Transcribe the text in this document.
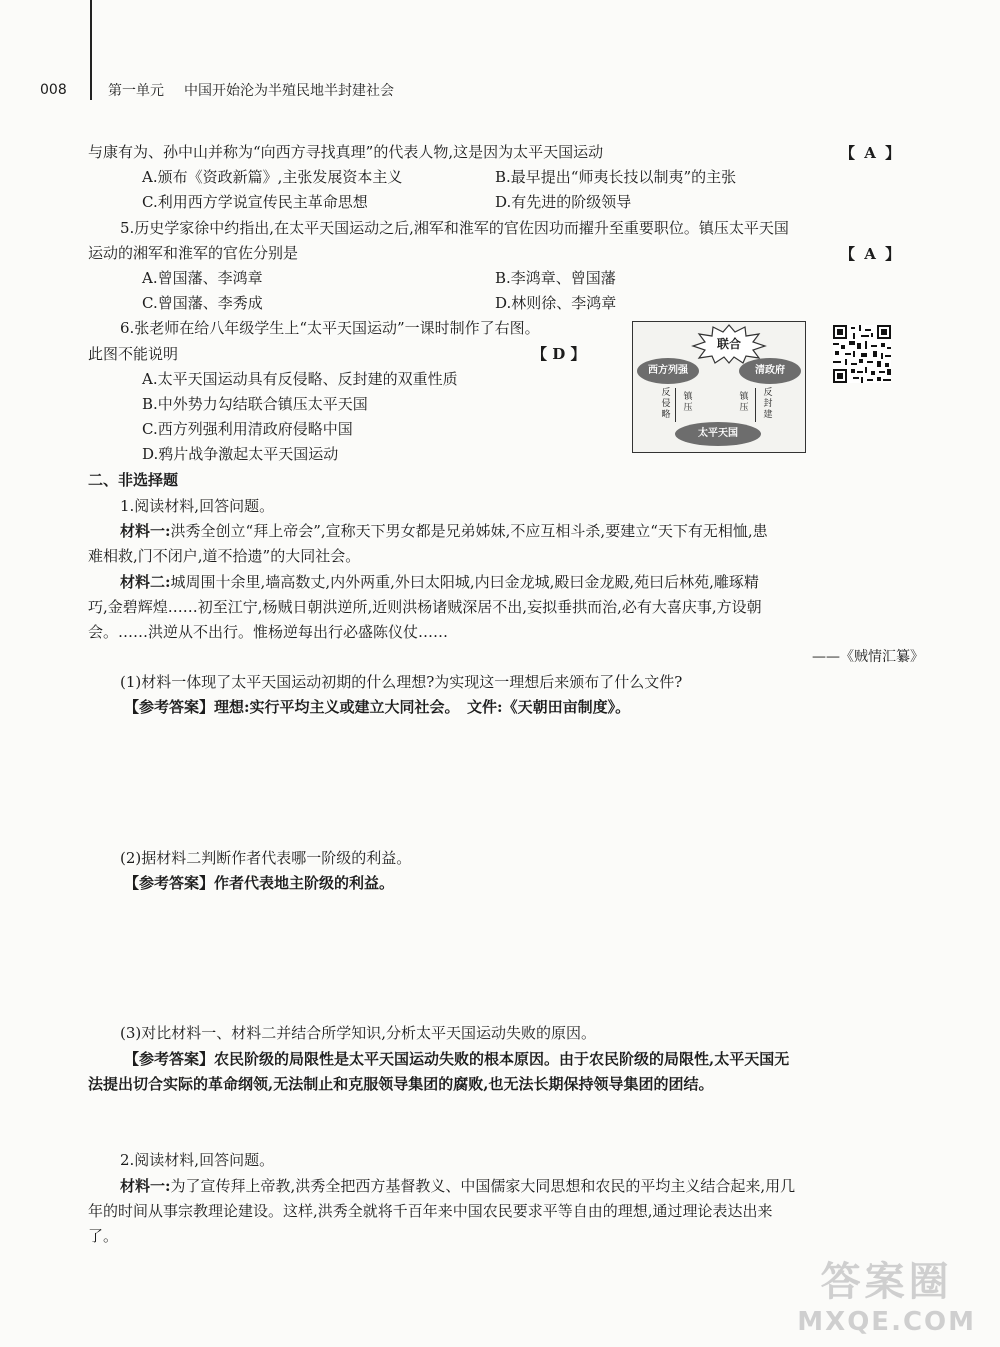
008	第一单元 中国开始沦为半殖民地半封建社会
与康有为、孙中山并称为“向西方寻找真理”的代表人物,这是因为太平天国运动	【 A 】
A.颁布《资政新篇》,主张发展资本主义	B.最早提出“师夷长技以制夷”的主张
C.利用西方学说宣传民主革命思想	D.有先进的阶级领导
5.历史学家徐中约指出,在太平天国运动之后,湘军和淮军的官佐因功而擢升至重要职位。镇压太平天国
运动的湘军和淮军的官佐分别是	【 A 】
A.曾国藩、李鸿章	B.李鸿章、曾国藩
C.曾国藩、李秀成	D.林则徐、李鸿章
6.张老师在给八年级学生上“太平天国运动”一课时制作了右图。
此图不能说明	【 D 】
A.太平天国运动具有反侵略、反封建的双重性质
B.中外势力勾结联合镇压太平天国
C.西方列强利用清政府侵略中国
D.鸦片战争激起太平天国运动
联合
西方列强	清政府
太平天国
反侵略
镇压
镇压
反封建
二、非选择题
1.阅读材料,回答问题。
材料一:洪秀全创立“拜上帝会”,宣称天下男女都是兄弟姊妹,不应互相斗杀,要建立“天下有无相恤,患
难相救,门不闭户,道不拾遗”的大同社会。
材料二:城周围十余里,墙高数丈,内外两重,外曰太阳城,内曰金龙城,殿曰金龙殿,苑曰后林苑,雕琢精
巧,金碧辉煌……初至江宁,杨贼日朝洪逆所,近则洪杨诸贼深居不出,妄拟垂拱而治,必有大喜庆事,方设朝
会。……洪逆从不出行。惟杨逆每出行必盛陈仪仗……
——《贼情汇纂》
(1)材料一体现了太平天国运动初期的什么理想?为实现这一理想后来颁布了什么文件?
【参考答案】理想:实行平均主义或建立大同社会。　文件:《天朝田亩制度》。
(2)据材料二判断作者代表哪一阶级的利益。
【参考答案】作者代表地主阶级的利益。
(3)对比材料一、材料二并结合所学知识,分析太平天国运动失败的原因。
【参考答案】农民阶级的局限性是太平天国运动失败的根本原因。由于农民阶级的局限性,太平天国无
法提出切合实际的革命纲领,无法制止和克服领导集团的腐败,也无法长期保持领导集团的团结。
2.阅读材料,回答问题。
材料一:为了宣传拜上帝教,洪秀全把西方基督教义、中国儒家大同思想和农民的平均主义结合起来,用几
年的时间从事宗教理论建设。这样,洪秀全就将千百年来中国农民要求平等自由的理想,通过理论表达出来
了。
答案圈
MXQE.COM
